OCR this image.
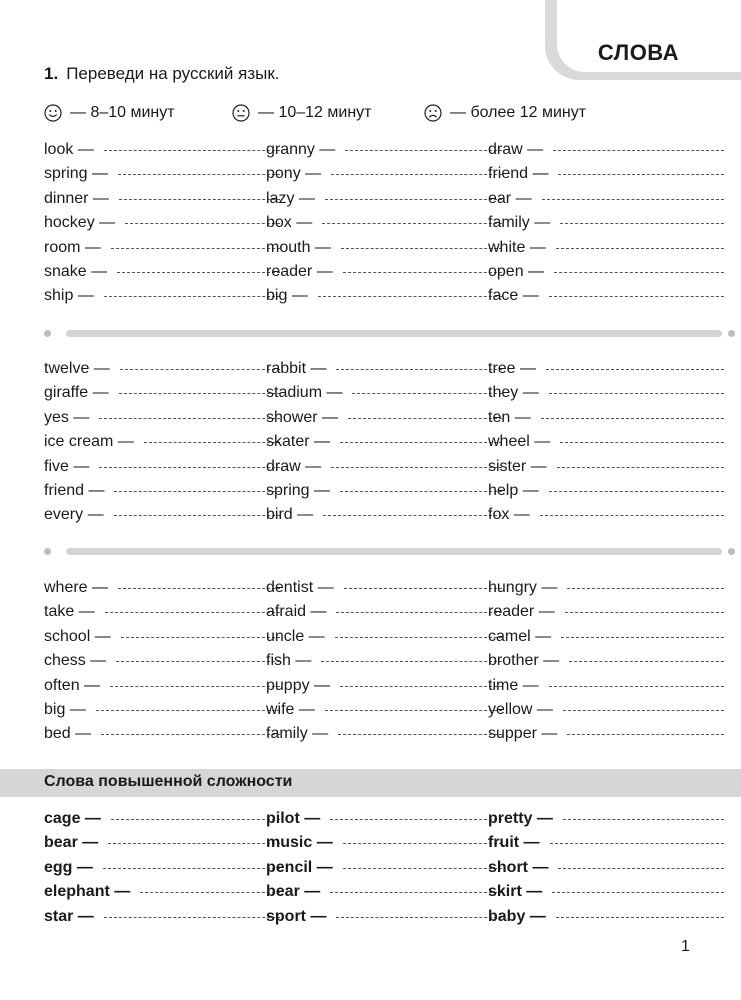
СЛОВА
1. Переведи на русский язык.
— 8–10 минут	— 10–12 минут	— более 12 минут
look —
spring —
dinner —
hockey —
room —
snake —
ship —
granny —
pony —
lazy —
box —
mouth —
reader —
big —
draw —
friend —
ear —
family —
white —
open —
face —
twelve —
giraffe —
yes —
ice cream —
five —
friend —
every —
rabbit —
stadium —
shower —
skater —
draw —
spring —
bird —
tree —
they —
ten —
wheel —
sister —
help —
fox —
where —
take —
school —
chess —
often —
big —
bed —
dentist —
afraid —
uncle —
fish —
puppy —
wife —
family —
hungry —
reader —
camel —
brother —
time —
yellow —
supper —
Слова повышенной сложности
cage —
bear —
egg —
elephant —
star —
pilot —
music —
pencil —
bear —
sport —
pretty —
fruit —
short —
skirt —
baby —
1
